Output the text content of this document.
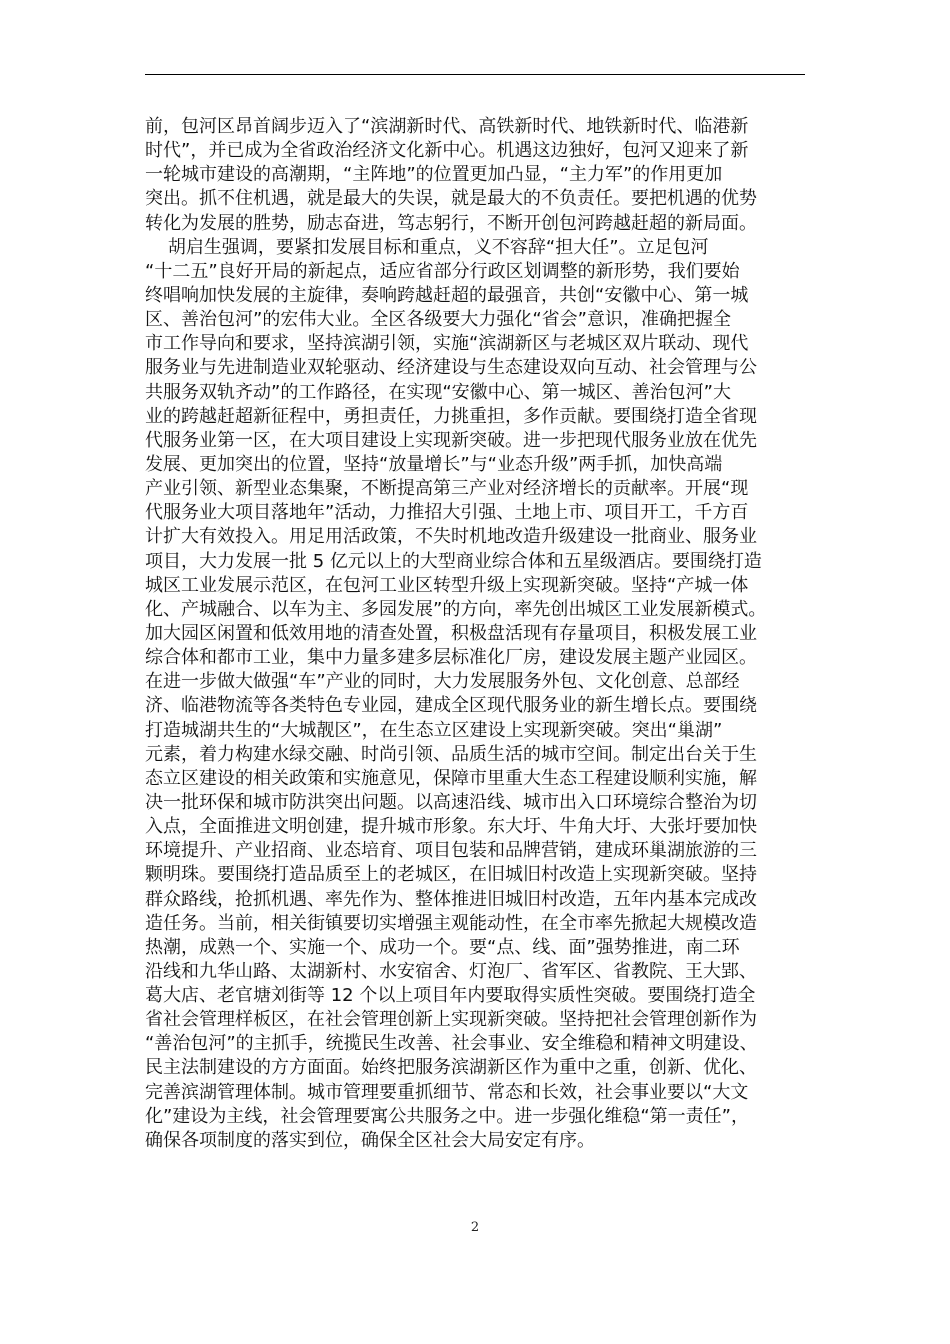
前，包河区昂首阔步迈入了“滨湖新时代、高铁新时代、地铁新时代、临港新
时代”，并已成为全省政治经济文化新中心。机遇这边独好，包河又迎来了新
一轮城市建设的高潮期，“主阵地”的位置更加凸显，“主力军”的作用更加
突出。抓不住机遇，就是最大的失误，就是最大的不负责任。要把机遇的优势
转化为发展的胜势，励志奋进，笃志躬行，不断开创包河跨越赶超的新局面。
胡启生强调，要紧扣发展目标和重点，义不容辞“担大任”。立足包河
“十二五”良好开局的新起点，适应省部分行政区划调整的新形势，我们要始
终唱响加快发展的主旋律，奏响跨越赶超的最强音，共创“安徽中心、第一城
区、善治包河”的宏伟大业。全区各级要大力强化“省会”意识，准确把握全
市工作导向和要求，坚持滨湖引领，实施“滨湖新区与老城区双片联动、现代
服务业与先进制造业双轮驱动、经济建设与生态建设双向互动、社会管理与公
共服务双轨齐动”的工作路径，在实现“安徽中心、第一城区、善治包河”大
业的跨越赶超新征程中，勇担责任，力挑重担，多作贡献。要围绕打造全省现
代服务业第一区，在大项目建设上实现新突破。进一步把现代服务业放在优先
发展、更加突出的位置，坚持“放量增长”与“业态升级”两手抓，加快高端
产业引领、新型业态集聚，不断提高第三产业对经济增长的贡献率。开展“现
代服务业大项目落地年”活动，力推招大引强、土地上市、项目开工，千方百
计扩大有效投入。用足用活政策，不失时机地改造升级建设一批商业、服务业
项目，大力发展一批 5 亿元以上的大型商业综合体和五星级酒店。要围绕打造
城区工业发展示范区，在包河工业区转型升级上实现新突破。坚持“产城一体
化、产城融合、以车为主、多园发展”的方向，率先创出城区工业发展新模式。
加大园区闲置和低效用地的清查处置，积极盘活现有存量项目，积极发展工业
综合体和都市工业，集中力量多建多层标准化厂房，建设发展主题产业园区。
在进一步做大做强“车”产业的同时，大力发展服务外包、文化创意、总部经
济、临港物流等各类特色专业园，建成全区现代服务业的新生增长点。要围绕
打造城湖共生的“大城靓区”，在生态立区建设上实现新突破。突出“巢湖”
元素，着力构建水绿交融、时尚引领、品质生活的城市空间。制定出台关于生
态立区建设的相关政策和实施意见，保障市里重大生态工程建设顺利实施，解
决一批环保和城市防洪突出问题。以高速沿线、城市出入口环境综合整治为切
入点，全面推进文明创建，提升城市形象。东大圩、牛角大圩、大张圩要加快
环境提升、产业招商、业态培育、项目包装和品牌营销，建成环巢湖旅游的三
颗明珠。要围绕打造品质至上的老城区，在旧城旧村改造上实现新突破。坚持
群众路线，抢抓机遇、率先作为、整体推进旧城旧村改造，五年内基本完成改
造任务。当前，相关街镇要切实增强主观能动性，在全市率先掀起大规模改造
热潮，成熟一个、实施一个、成功一个。要“点、线、面”强势推进，南二环
沿线和九华山路、太湖新村、水安宿舍、灯泡厂、省军区、省教院、王大郢、
葛大店、老官塘刘街等 12 个以上项目年内要取得实质性突破。要围绕打造全
省社会管理样板区，在社会管理创新上实现新突破。坚持把社会管理创新作为
“善治包河”的主抓手，统揽民生改善、社会事业、安全维稳和精神文明建设、
民主法制建设的方方面面。始终把服务滨湖新区作为重中之重，创新、优化、
完善滨湖管理体制。城市管理要重抓细节、常态和长效，社会事业要以“大文
化”建设为主线，社会管理要寓公共服务之中。进一步强化维稳“第一责任”，
确保各项制度的落实到位，确保全区社会大局安定有序。
2
